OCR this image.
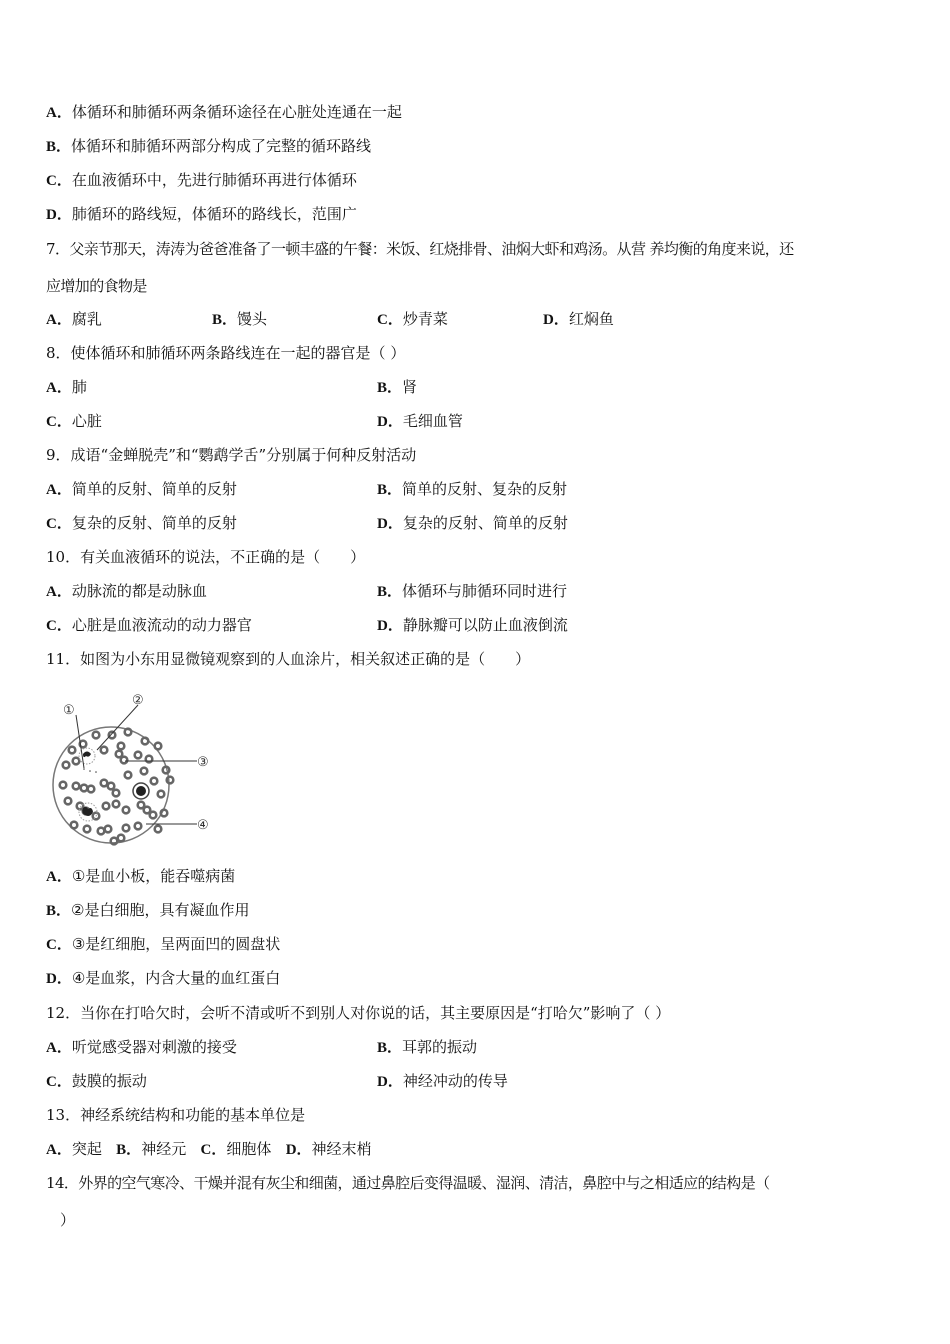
A．体循环和肺循环两条循环途径在心脏处连通在一起
B．体循环和肺循环两部分构成了完整的循环路线
C．在血液循环中，先进行肺循环再进行体循环
D．肺循环的路线短，体循环的路线长，范围广
7．父亲节那天，涛涛为爸爸准备了一顿丰盛的午餐：米饭、红烧排骨、油焖大虾和鸡汤。从营 养均衡的角度来说，还
应增加的食物是
A．腐乳	B．馒头	C．炒青菜	D．红焖鱼
8．使体循环和肺循环两条路线连在一起的器官是（ ）
A．肺	B．肾
C．心脏	D．毛细血管
9．成语“金蝉脱壳”和“鹦鹉学舌”分别属于何种反射活动
A．简单的反射、简单的反射	B．简单的反射、复杂的反射
C．复杂的反射、简单的反射	D．复杂的反射、简单的反射
10．有关血液循环的说法，不正确的是（　　）
A．动脉流的都是动脉血	B．体循环与肺循环同时进行
C．心脏是血液流动的动力器官	D．静脉瓣可以防止血液倒流
11．如图为小东用显微镜观察到的人血涂片，相关叙述正确的是（　　）
①
②
③
④
A．①是血小板，能吞噬病菌
B．②是白细胞，具有凝血作用
C．③是红细胞，呈两面凹的圆盘状
D．④是血浆，内含大量的血红蛋白
12．当你在打哈欠时，会听不清或听不到别人对你说的话，其主要原因是“打哈欠”影响了（ ）
A．听觉感受器对刺激的接受	B．耳郭的振动
C．鼓膜的振动	D．神经冲动的传导
13．神经系统结构和功能的基本单位是
A．突起 B．神经元 C．细胞体 D．神经末梢
14．外界的空气寒冷、干燥并混有灰尘和细菌，通过鼻腔后变得温暖、湿润、清洁，鼻腔中与之相适应的结构是（
）
